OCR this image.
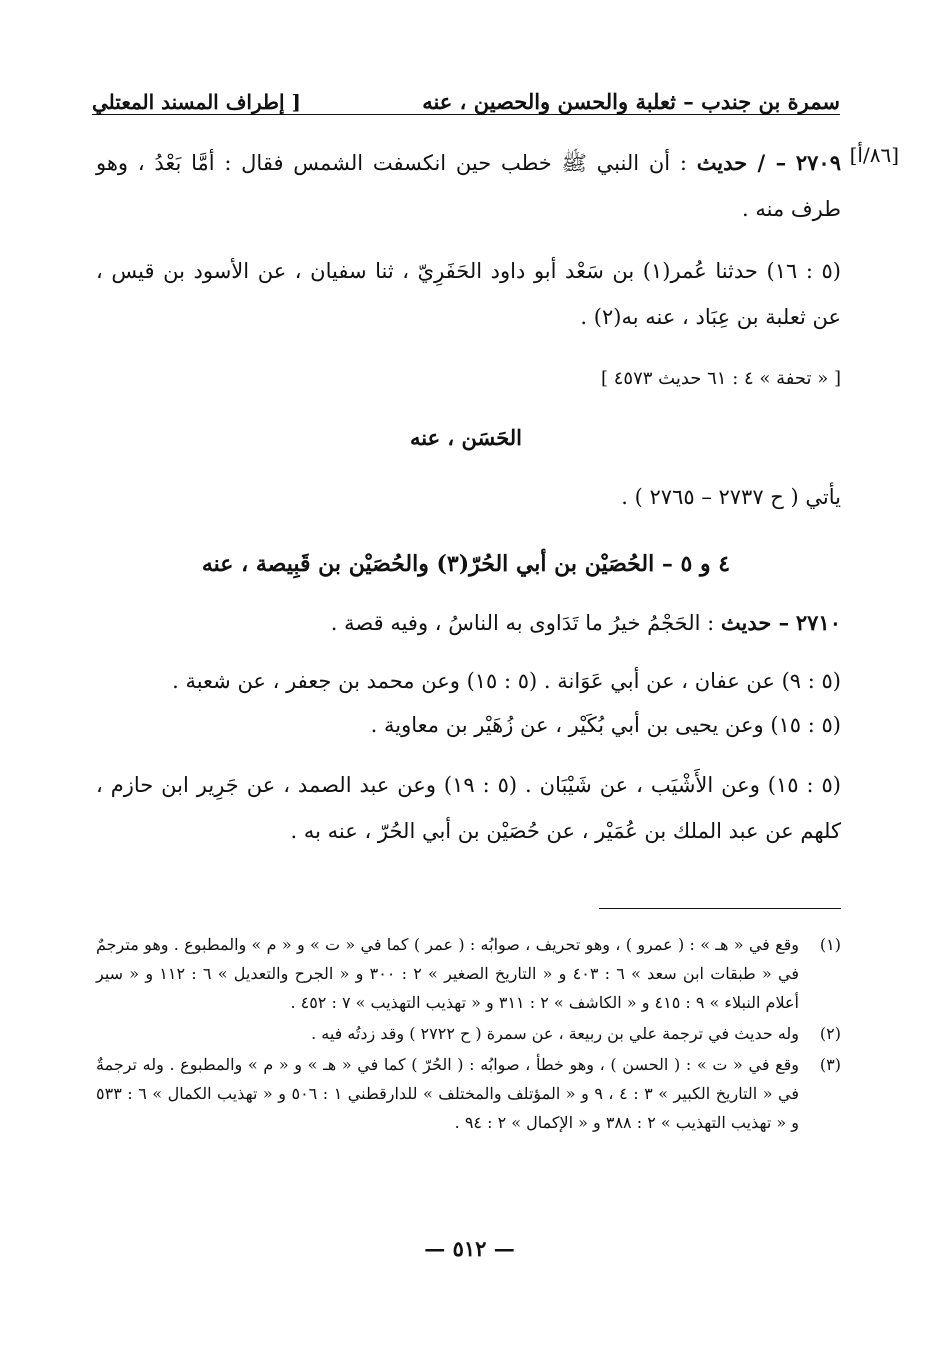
سمرة بن جندب – ثعلبة والحسن والحصين ، عنه
[ إطراف المسند المعتلي
[٨٦/أ]
٢٧٠٩ – / حديث : أن النبي ﷺ خطب حين انكسفت الشمس فقال : أمَّا بَعْدُ ، وهو طرف منه .
(٥ : ١٦) حدثنا عُمر(١) بن سَعْد أبو داود الحَفَرِيّ ، ثنا سفيان ، عن الأسود بن قيس ، عن ثعلبة بن عِبَاد ، عنه به(٢) .
[ « تحفة » ٤ : ٦١ حديث ٤٥٧٣ ]
الحَسَن ، عنه
يأتي ( ح ٢٧٣٧ – ٢٧٦٥ ) .
٤ و ٥ – الحُصَيْن بن أبي الحُرّ(٣) والحُصَيْن بن قَبِيصة ، عنه
٢٧١٠ – حديث : الحَجْمُ خيرُ ما تَدَاوى به الناسُ ، وفيه قصة .
(٥ : ٩) عن عفان ، عن أبي عَوَانة . (٥ : ١٥) وعن محمد بن جعفر ، عن شعبة .
(٥ : ١٥) وعن يحيى بن أبي بُكَيْر ، عن زُهَيْر بن معاوية .
(٥ : ١٥) وعن الأَشْيَب ، عن شَيْبَان . (٥ : ١٩) وعن عبد الصمد ، عن جَرِير ابن حازم ، كلهم عن عبد الملك بن عُمَيْر ، عن حُصَيْن بن أبي الحُرّ ، عنه به .
(١)
وقع في « هـ » : ( عمرو ) ، وهو تحريف ، صوابُه : ( عمر ) كما في « ت » و « م » والمطبوع . وهو مترجمٌ في « طبقات ابن سعد » ٦ : ٤٠٣ و « التاريخ الصغير » ٢ : ٣٠٠ و « الجرح والتعديل » ٦ : ١١٢ و « سير أعلام النبلاء » ٩ : ٤١٥ و « الكاشف » ٢ : ٣١١ و « تهذيب التهذيب » ٧ : ٤٥٢ .
(٢)
وله حديث في ترجمة علي بن ربيعة ، عن سمرة ( ح ٢٧٢٢ ) وقد زدتُه فيه .
(٣)
وقع في « ت » : ( الحسن ) ، وهو خطأ ، صوابُه : ( الحُرّ ) كما في « هـ » و « م » والمطبوع . وله ترجمةٌ في « التاريخ الكبير » ٣ : ٤ ، ٩ و « المؤتلف والمختلف » للدارقطني ١ : ٥٠٦ و « تهذيب الكمال » ٦ : ٥٣٣ و « تهذيب التهذيب » ٢ : ٣٨٨ و « الإكمال » ٢ : ٩٤ .
— ٥١٢ —
